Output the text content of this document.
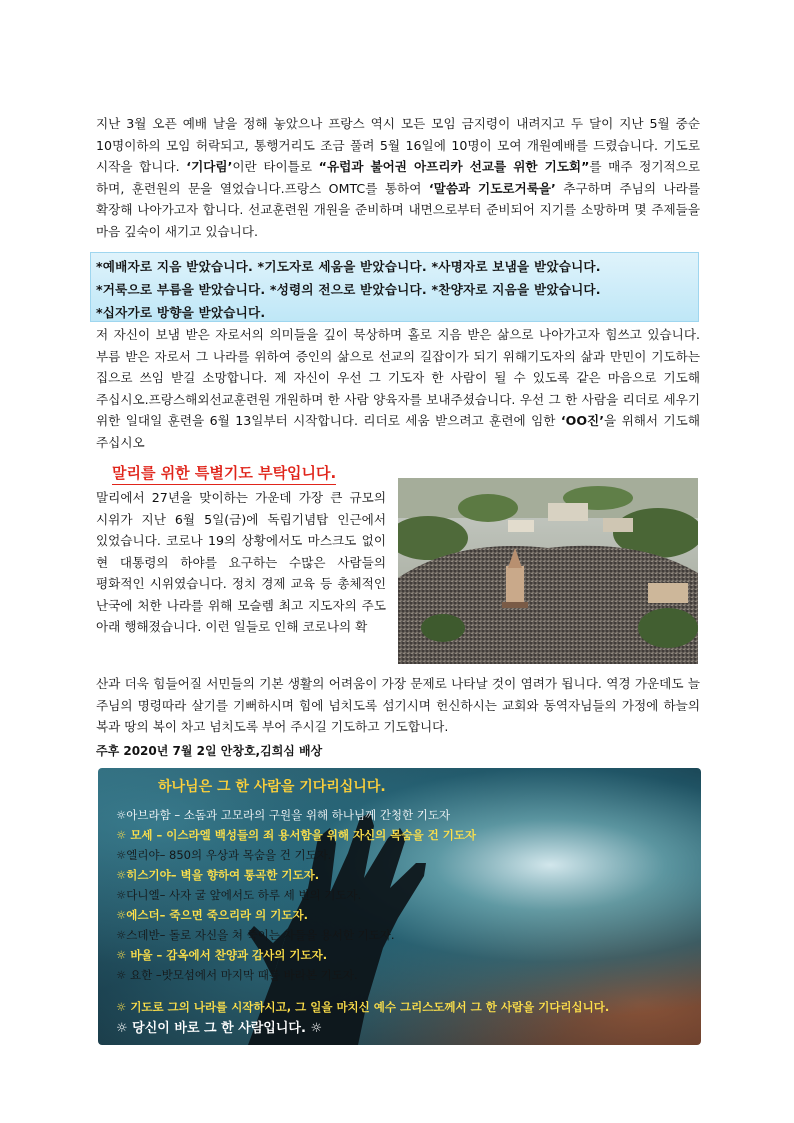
지난 3월 오픈 예배 날을 정해 놓았으나 프랑스 역시 모든 모임 금지령이 내려지고 두 달이 지난 5월 중순 10명이하의 모임 허락되고, 통행거리도 조금 풀려 5월 16일에 10명이 모여 개원예배를 드렸습니다. 기도로 시작을 합니다. ‘기다림’이란 타이틀로 “유럽과 불어권 아프리카 선교를 위한 기도회”를 매주 정기적으로 하며, 훈련원의 문을 열었습니다.프랑스 OMTC를 통하여 ‘말씀과 기도로거룩을’ 추구하며 주님의 나라를 확장해 나아가고자 합니다. 선교훈련원 개원을 준비하며 내면으로부터 준비되어 지기를 소망하며 몇 주제들을 마음 깊숙이 새기고 있습니다.
*예배자로 지음 받았습니다. *기도자로 세움을 받았습니다. *사명자로 보냄을 받았습니다.
*거룩으로 부름을 받았습니다. *성령의 전으로 받았습니다. *찬양자로 지음을 받았습니다.
*십자가로 방향을 받았습니다.
저 자신이 보냄 받은 자로서의 의미들을 깊이 묵상하며 홀로 지음 받은 삶으로 나아가고자 힘쓰고 있습니다. 부름 받은 자로서 그 나라를 위하여 증인의 삶으로 선교의 길잡이가 되기 위해기도자의 삶과 만민이 기도하는 집으로 쓰임 받길 소망합니다. 제 자신이 우선 그 기도자 한 사람이 될 수 있도록 같은 마음으로 기도해 주십시오.프랑스해외선교훈련원 개원하며 한 사람 양육자를 보내주셨습니다. 우선 그 한 사람을 리더로 세우기 위한 일대일 훈련을 6월 13일부터 시작합니다. 리더로 세움 받으려고 훈련에 임한 ‘OO진’을 위해서 기도해 주십시오
말리를 위한 특별기도 부탁입니다.
말리에서 27년을 맞이하는 가운데 가장 큰 규모의 시위가 지난 6월 5일(금)에 독립기념탑 인근에서 있었습니다. 코로나 19의 상황에서도 마스크도 없이 현 대통령의 하야를 요구하는 수많은 사람들의 평화적인 시위였습니다. 정치 경제 교육 등 총체적인 난국에 처한 나라를 위해 모슬렘 최고 지도자의 주도 아래 행해졌습니다. 이런 일들로 인해 코로나의 확
산과 더욱 힘들어질 서민들의 기본 생활의 어려움이 가장 문제로 나타날 것이 염려가 됩니다. 역경 가운데도 늘 주님의 명령따라 살기를 기뻐하시며 힘에 넘치도록 섬기시며 헌신하시는 교회와 동역자님들의 가정에 하늘의 복과 땅의 복이 차고 넘치도록 부어 주시길 기도하고 기도합니다.
주후 2020년 7월 2일 안창호,김희심 배상
하나님은 그 한 사람을 기다리십니다.
☼아브라함 – 소돔과 고모라의 구원을 위해 하나님께 간청한 기도자
☼ 모세 – 이스라엘 백성들의 죄 용서함을 위해 자신의 목숨을 건 기도자
☼엘리야– 850의 우상과 목숨을 건 기도자.
☼히스기야– 벽을 향하여 통곡한 기도자.
☼다니엘– 사자 굴 앞에서도 하루 세 번의 기도자.
☼에스더– 죽으면 죽으리라 의 기도자.
☼스데반– 돌로 자신을 쳐 죽이는 자들을 용서한 기도자.
☼ 바울 – 감옥에서 찬양과 감사의 기도자.
☼ 요한 –밧모섬에서 마지막 때를 바라본 기도자.
☼ 기도로 그의 나라를 시작하시고, 그 일을 마치신 예수 그리스도께서 그 한 사람을 기다리십니다.
☼ 당신이 바로 그 한 사람입니다. ☼
